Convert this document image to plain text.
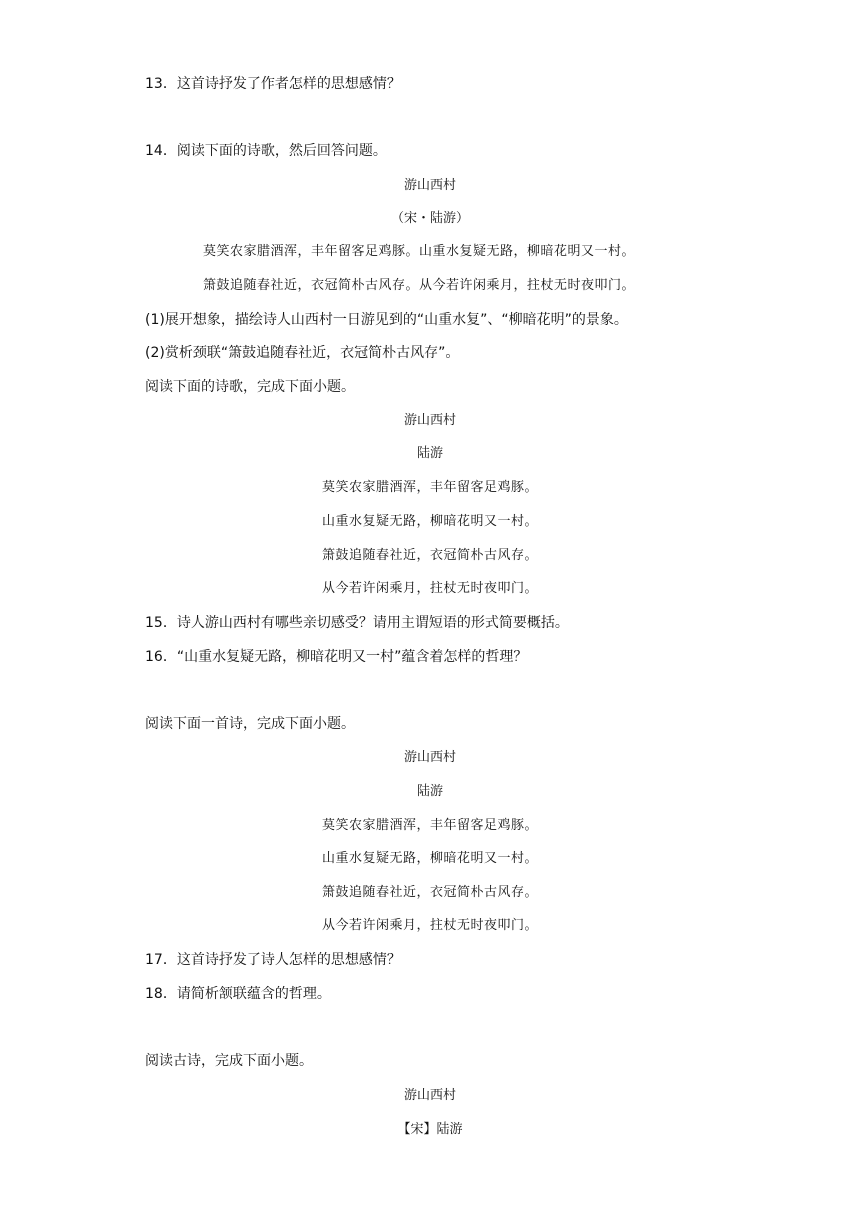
13．这首诗抒发了作者怎样的思想感情？
14．阅读下面的诗歌，然后回答问题。
游山西村
（宋・陆游）
莫笑农家腊酒浑，丰年留客足鸡豚。山重水复疑无路，柳暗花明又一村。
箫鼓追随春社近，衣冠简朴古风存。从今若许闲乘月，拄杖无时夜叩门。
(1)展开想象，描绘诗人山西村一日游见到的“山重水复”、“柳暗花明”的景象。
(2)赏析颈联“箫鼓追随春社近，衣冠简朴古风存”。
阅读下面的诗歌，完成下面小题。
游山西村
陆游
莫笑农家腊酒浑，丰年留客足鸡豚。
山重水复疑无路，柳暗花明又一村。
箫鼓追随春社近，衣冠简朴古风存。
从今若许闲乘月，拄杖无时夜叩门。
15．诗人游山西村有哪些亲切感受？请用主谓短语的形式简要概括。
16．“山重水复疑无路，柳暗花明又一村”蕴含着怎样的哲理？
阅读下面一首诗，完成下面小题。
游山西村
陆游
莫笑农家腊酒浑，丰年留客足鸡豚。
山重水复疑无路，柳暗花明又一村。
箫鼓追随春社近，衣冠简朴古风存。
从今若许闲乘月，拄杖无时夜叩门。
17．这首诗抒发了诗人怎样的思想感情？
18．请简析颔联蕴含的哲理。
阅读古诗，完成下面小题。
游山西村
【宋】陆游
